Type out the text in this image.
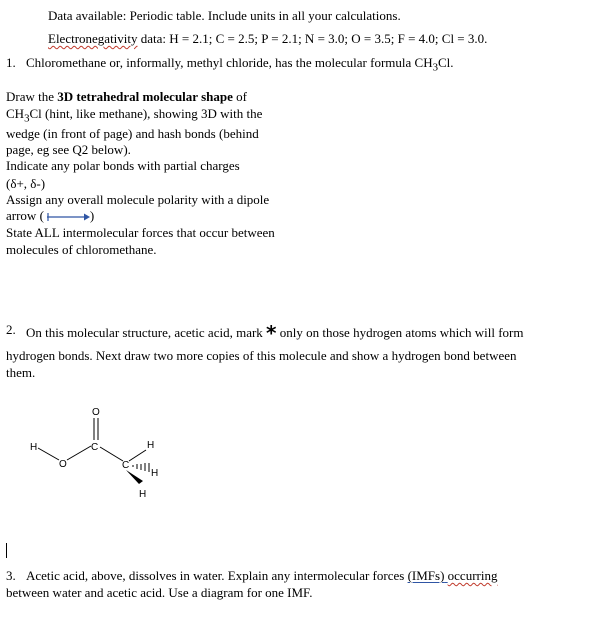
Data available: Periodic table. Include units in all your calculations.
Electronegativity data: H = 2.1; C = 2.5; P = 2.1; N = 3.0; O = 3.5; F = 4.0; Cl = 3.0.
1. Chloromethane or, informally, methyl chloride, has the molecular formula $CH_3Cl$.
Draw the 3D tetrahedral molecular shape of
$CH_3Cl$ (hint, like methane), showing 3D with the
wedge (in front of page) and hash bonds (behind
page, eg see Q2 below).
Indicate any polar bonds with partial charges
(δ+, δ-)
Assign any overall molecule polarity with a dipole
arrow (	)
State ALL intermolecular forces that occur between
molecules of chloromethane.
2. On this molecular structure, acetic acid, mark * only on those hydrogen atoms which will form
hydrogen bonds. Next draw two more copies of this molecule and show a hydrogen bond between
them.
H
O
O
C
C
H
H
H
3. Acetic acid, above, dissolves in water. Explain any intermolecular forces (IMFs) occurring
between water and acetic acid. Use a diagram for one IMF.
